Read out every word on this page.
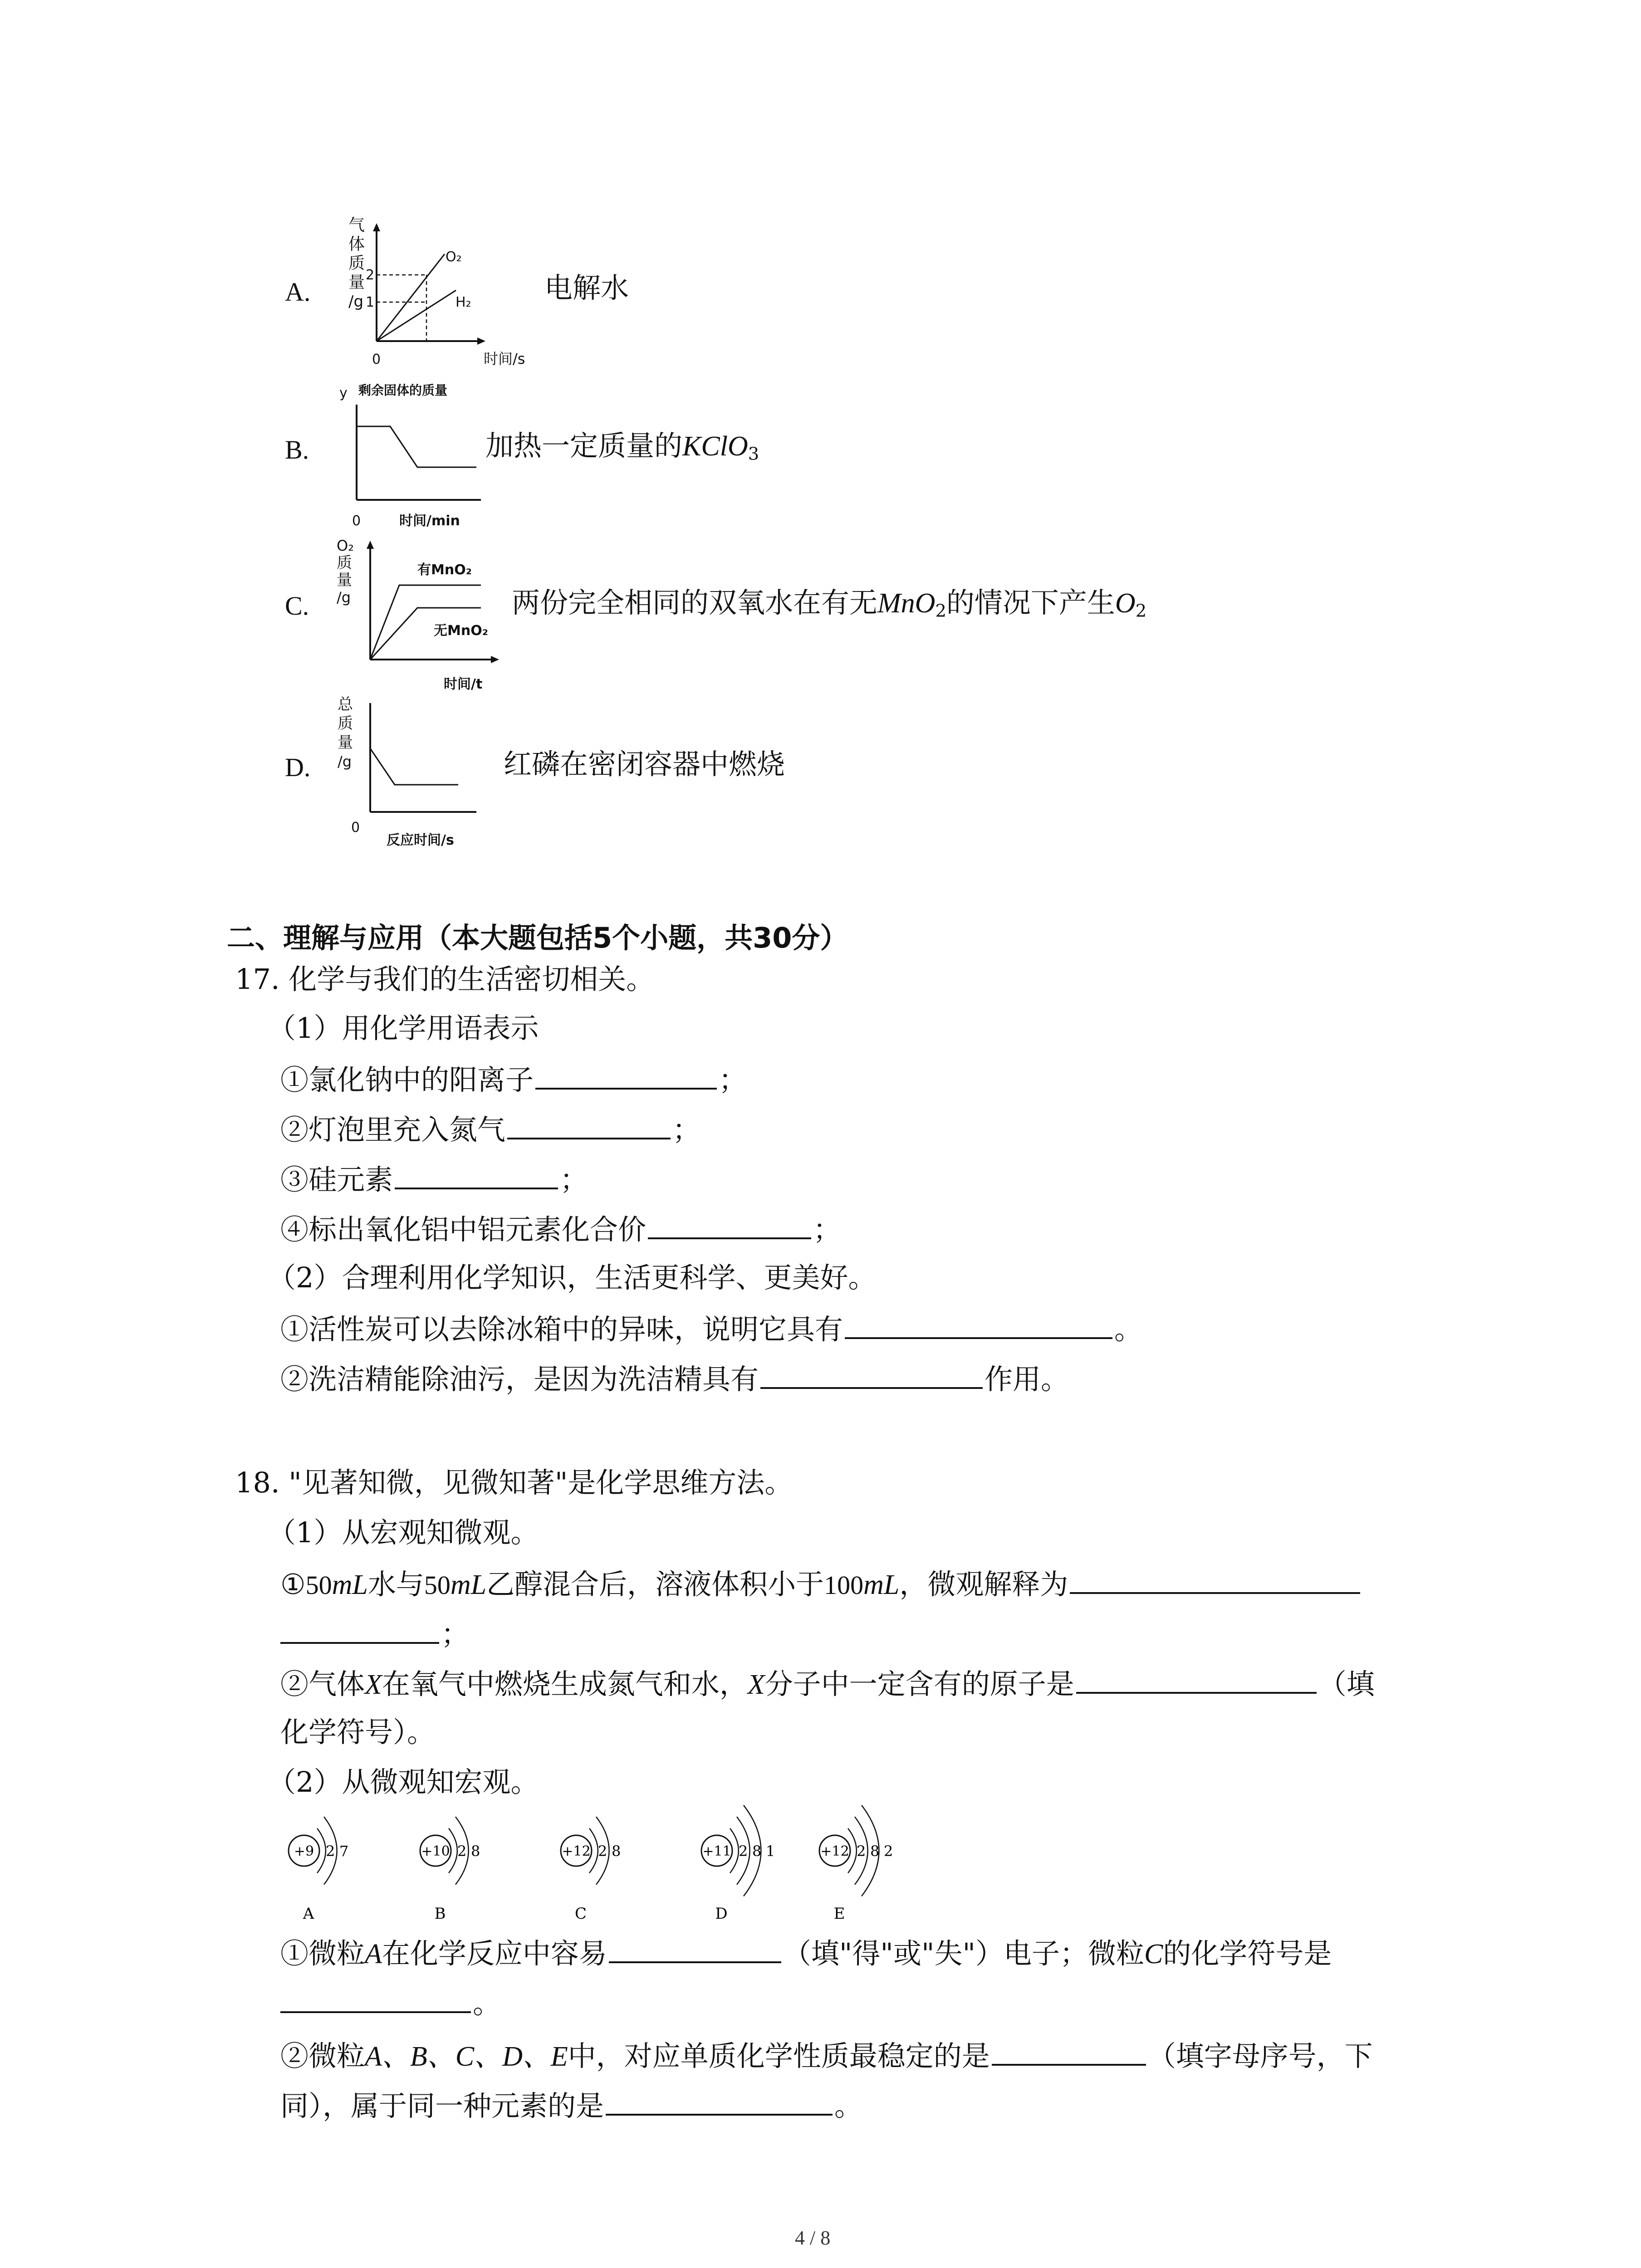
A.
气
体
质
量
/g
2
1
O₂
H₂
0	时间/s
电解水
B.
y 剩余固体的质量
0	时间/min
加热一定质量的KClO$_3$
C.
O₂
质
量
/g
有MnO₂
无MnO₂
时间/t
两份完全相同的双氧水在有无MnO$_2$的情况下产生$O_2$
D.
总
质
量
/g
0
反应时间/s
红磷在密闭容器中燃烧
二、理解与应用（本大题包括5个小题，共30分）
17. 化学与我们的生活密切相关。
（1）用化学用语表示
①氯化钠中的阳离子	；
②灯泡里充入氮气	；
③硅元素	；
④标出氧化铝中铝元素化合价	；
（2）合理利用化学知识，生活更科学、更美好。
①活性炭可以去除冰箱中的异味，说明它具有	。
②洗洁精能除油污，是因为洗洁精具有	作用。
18. "见著知微，见微知著"是化学思维方法。
（1）从宏观知微观。
①50mL水与50mL乙醇混合后，溶液体积小于100mL，微观解释为
；
②气体X在氧气中燃烧生成氮气和水，X分子中一定含有的原子是	（填
化学符号）。
（2）从微观知宏观。
+9 2 7
A
+10 2 8
B
+12 2 8
C
+11 2 8 1
D
+12 2 8 2
E
①微粒A在化学反应中容易	（填"得"或"失"）电子；微粒C的化学符号是
。
②微粒A、B、C、D、E中，对应单质化学性质最稳定的是	（填字母序号，下
同），属于同一种元素的是	。
4 / 8
